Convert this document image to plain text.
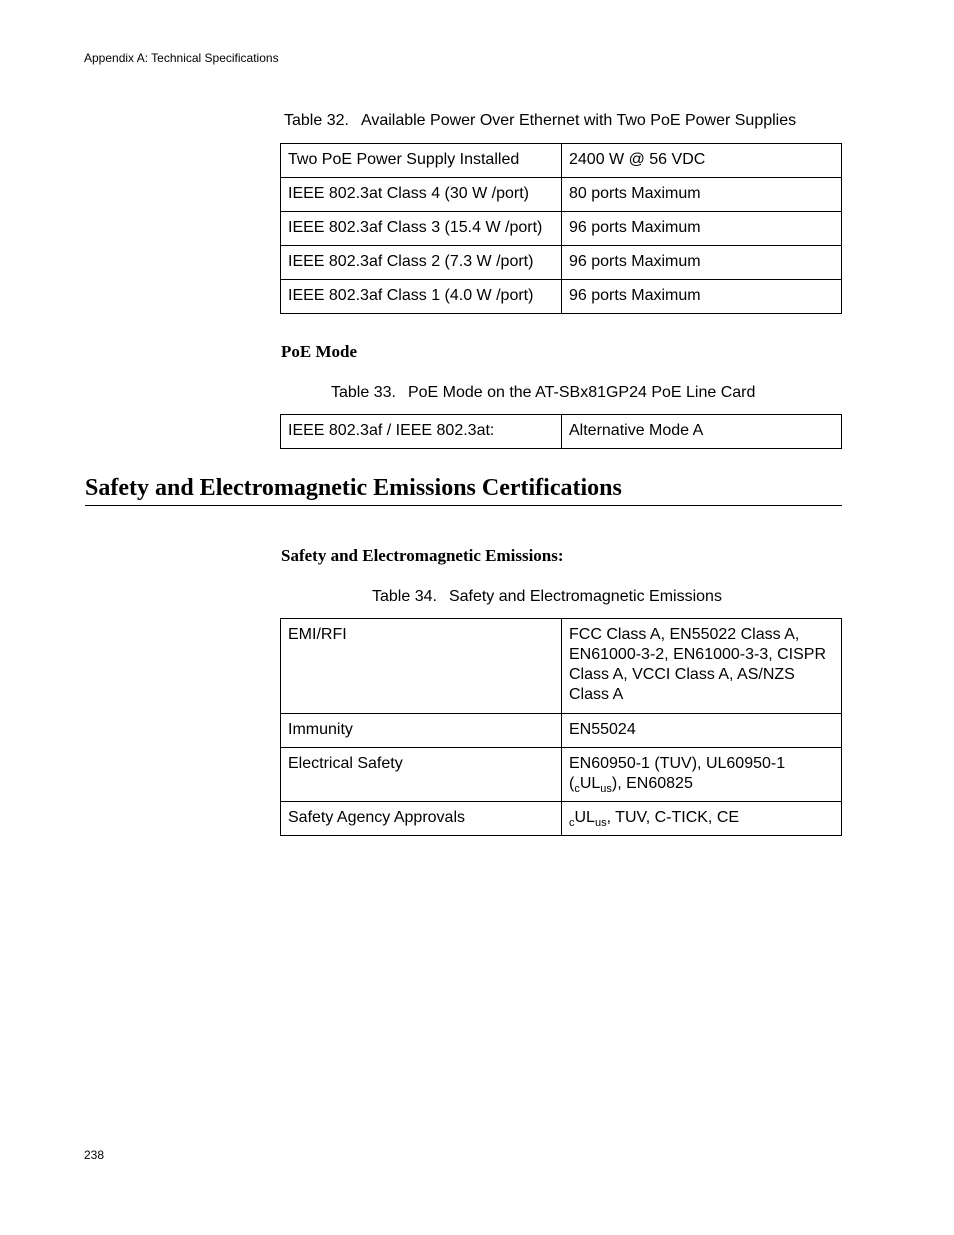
Appendix A: Technical Specifications
Table 32. Available Power Over Ethernet with Two PoE Power Supplies
Two PoE Power Supply Installed	2400 W @ 56 VDC
IEEE 802.3at Class 4 (30 W /port)	80 ports Maximum
IEEE 802.3af Class 3 (15.4 W /port)	96 ports Maximum
IEEE 802.3af Class 2 (7.3 W /port)	96 ports Maximum
IEEE 802.3af Class 1 (4.0 W /port)	96 ports Maximum
PoE Mode
Table 33. PoE Mode on the AT-SBx81GP24 PoE Line Card
IEEE 802.3af / IEEE 802.3at:	Alternative Mode A
Safety and Electromagnetic Emissions Certifications
Safety and Electromagnetic Emissions:
Table 34. Safety and Electromagnetic Emissions
EMI/RFI	FCC Class A, EN55022 Class A, EN61000-3-2, EN61000-3-3, CISPR Class A, VCCI Class A, AS/NZS Class A
Immunity	EN55024
Electrical Safety	EN60950-1 (TUV), UL60950-1
$(_cUL_{us})$, EN60825
Safety Agency Approvals	$_cUL_{us}$, TUV, C-TICK, CE
238
